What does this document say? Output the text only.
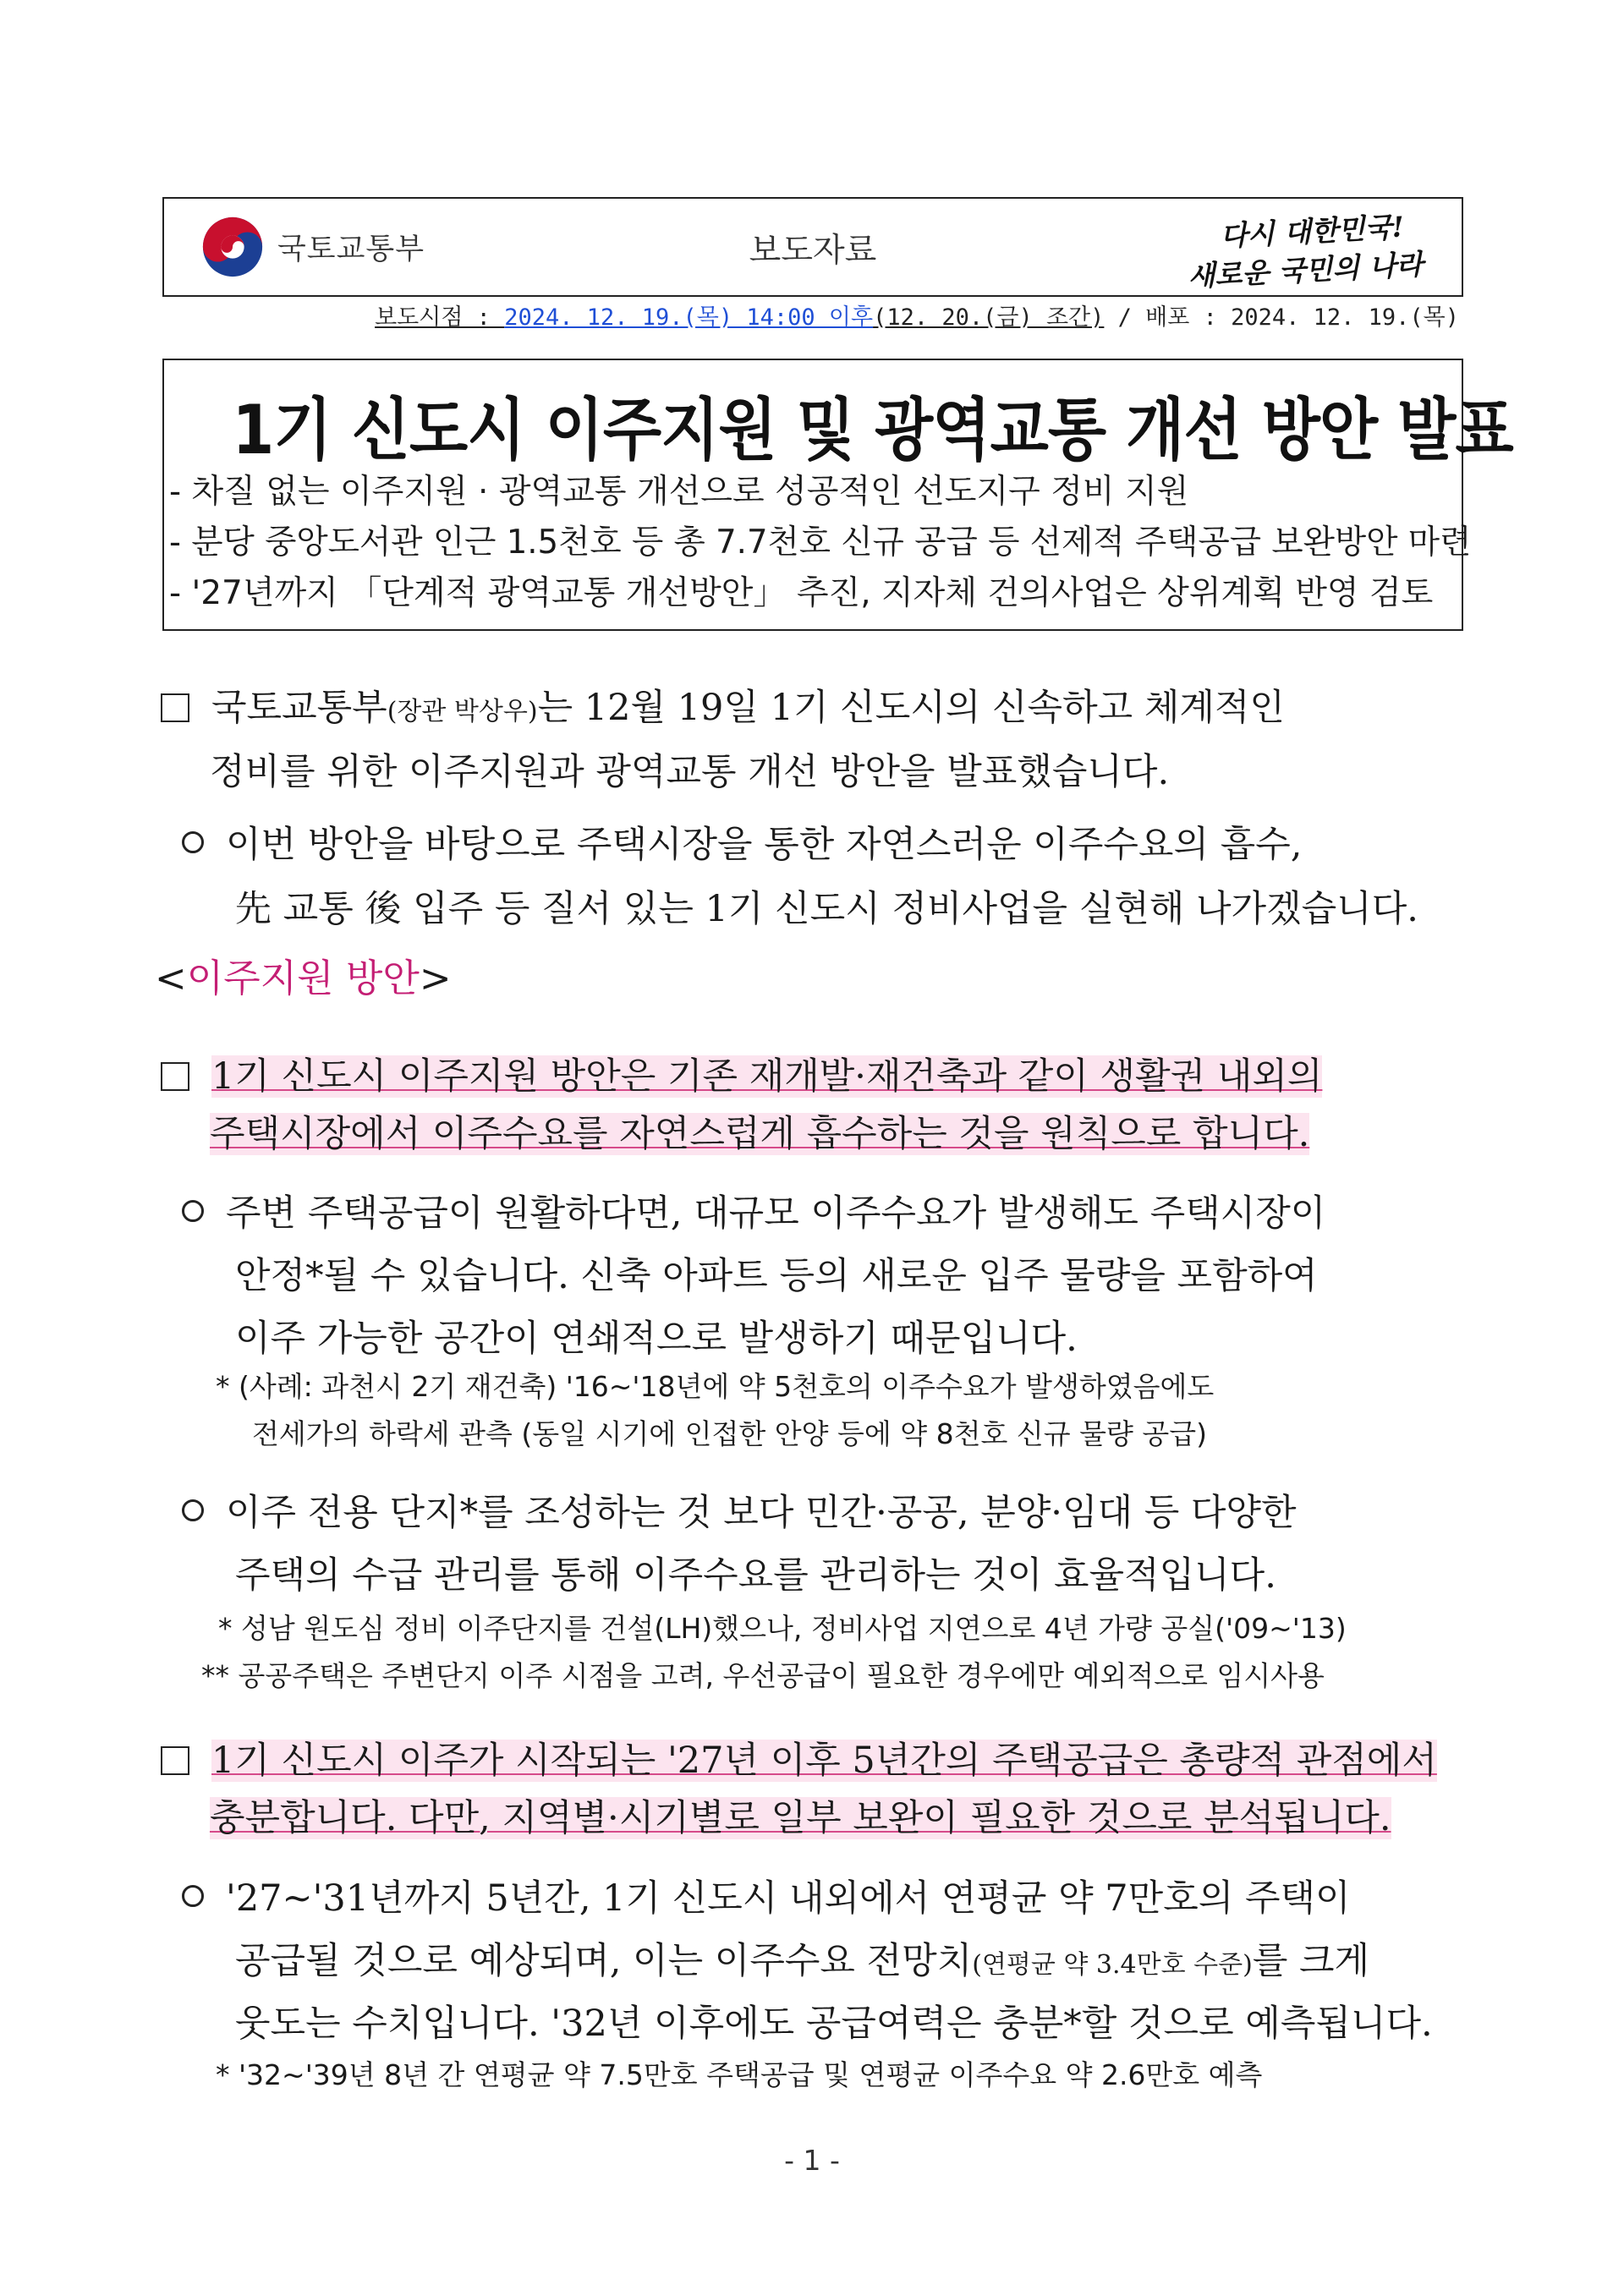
국토교통부	보도자료	다시 대한민국!
새로운 국민의 나라
보도시점 : 2024. 12. 19.(목) 14:00 이후(12. 20.(금) 조간) / 배포 : 2024. 12. 19.(목)
1기 신도시 이주지원 및 광역교통 개선 방안 발표
- 차질 없는 이주지원 · 광역교통 개선으로 성공적인 선도지구 정비 지원
- 분당 중앙도서관 인근 1.5천호 등 총 7.7천호 신규 공급 등 선제적 주택공급 보완방안 마련
- '27년까지 「단계적 광역교통 개선방안」 추진, 지자체 건의사업은 상위계획 반영 검토
국토교통부(장관 박상우)는 12월 19일 1기 신도시의 신속하고 체계적인
정비를 위한 이주지원과 광역교통 개선 방안을 발표했습니다.
이번 방안을 바탕으로 주택시장을 통한 자연스러운 이주수요의 흡수,
先 교통 後 입주 등 질서 있는 1기 신도시 정비사업을 실현해 나가겠습니다.
<이주지원 방안>
1기 신도시 이주지원 방안은 기존 재개발·재건축과 같이 생활권 내외의
주택시장에서 이주수요를 자연스럽게 흡수하는 것을 원칙으로 합니다.
주변 주택공급이 원활하다면, 대규모 이주수요가 발생해도 주택시장이
안정*될 수 있습니다. 신축 아파트 등의 새로운 입주 물량을 포함하여
이주 가능한 공간이 연쇄적으로 발생하기 때문입니다.
* (사례: 과천시 2기 재건축) '16~'18년에 약 5천호의 이주수요가 발생하였음에도
전세가의 하락세 관측 (동일 시기에 인접한 안양 등에 약 8천호 신규 물량 공급)
이주 전용 단지*를 조성하는 것 보다 민간·공공, 분양·임대 등 다양한
주택의 수급 관리를 통해 이주수요를 관리하는 것이 효율적입니다.
* 성남 원도심 정비 이주단지를 건설(LH)했으나, 정비사업 지연으로 4년 가량 공실('09~'13)
** 공공주택은 주변단지 이주 시점을 고려, 우선공급이 필요한 경우에만 예외적으로 임시사용
1기 신도시 이주가 시작되는 '27년 이후 5년간의 주택공급은 총량적 관점에서
충분합니다. 다만, 지역별·시기별로 일부 보완이 필요한 것으로 분석됩니다.
'27~'31년까지 5년간, 1기 신도시 내외에서 연평균 약 7만호의 주택이
공급될 것으로 예상되며, 이는 이주수요 전망치(연평균 약 3.4만호 수준)를 크게
웃도는 수치입니다. '32년 이후에도 공급여력은 충분*할 것으로 예측됩니다.
* '32~'39년 8년 간 연평균 약 7.5만호 주택공급 및 연평균 이주수요 약 2.6만호 예측
- 1 -
